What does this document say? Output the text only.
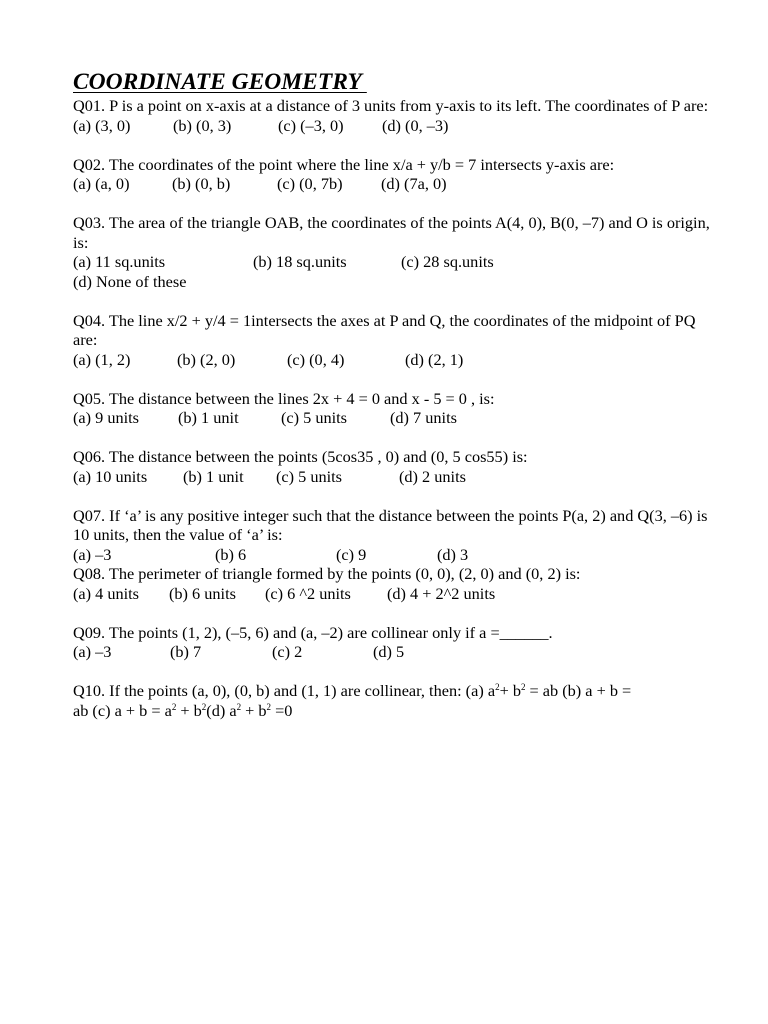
COORDINATE GEOMETRY
Q01. P is a point on x-axis at a distance of 3 units from y-axis to its left. The coordinates of P are:
(a) (3, 0)	(b) (0, 3)	(c) (–3, 0) (d) (0, –3)
Q02. The coordinates of the point where the line x/a + y/b = 7 intersects y-axis are:
(a) (a, 0)	(b) (0, b)	(c) (0, 7b) (d) (7a, 0)
Q03. The area of the triangle OAB, the coordinates of the points A(4, 0), B(0, –7) and O is origin, is:
(a) 11 sq.units	(b) 18 sq.units	(c) 28 sq.units
(d) None of these
Q04. The line x/2 + y/4 = 1intersects the axes at P and Q, the coordinates of the midpoint of PQ are:
(a) (1, 2)	(b) (2, 0)	(c) (0, 4)	(d) (2, 1)
Q05. The distance between the lines 2x + 4 = 0 and x - 5 = 0 , is:
(a) 9 units (b) 1 unit	(c) 5 units	(d) 7 units
Q06. The distance between the points (5cos35 , 0) and (0, 5 cos55) is:
(a) 10 units (b) 1 unit (c) 5 units	(d) 2 units
Q07. If ‘a’ is any positive integer such that the distance between the points P(a, 2) and Q(3, –6) is 10 units, then the value of ‘a’ is:
(a) –3	(b) 6	(c) 9	(d) 3
Q08. The perimeter of triangle formed by the points (0, 0), (2, 0) and (0, 2) is:
(a) 4 units (b) 6 units (c) 6 ^2 units (d) 4 + 2^2 units
Q09. The points (1, 2), (–5, 6) and (a, –2) are collinear only if a =______.
(a) –3	(b) 7	(c) 2	(d) 5
Q10. If the points (a, 0), (0, b) and (1, 1) are collinear, then: (a) $a^2+ b^2$ = ab (b) a + b =
ab (c) $a + b = a^2 + b^2(d) a^2 + b^2 =0$
